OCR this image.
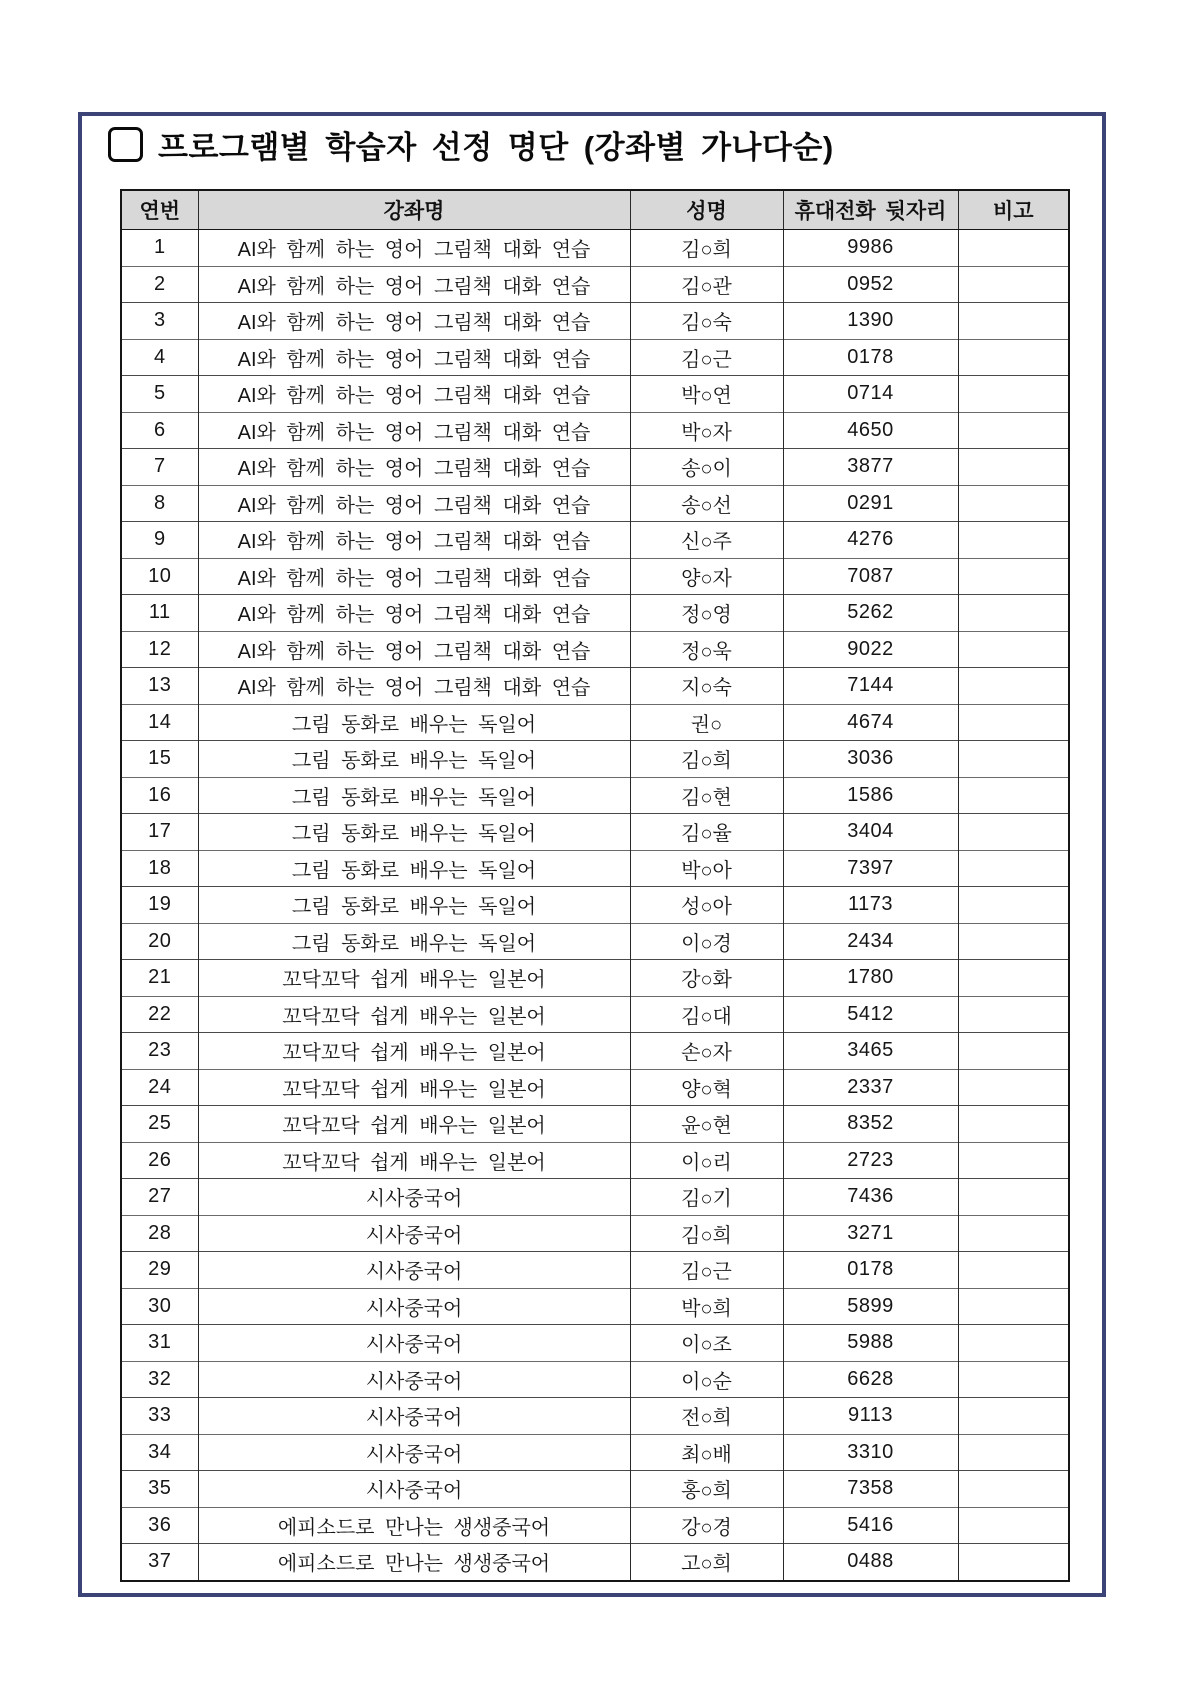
프로그램별 학습자 선정 명단 (강좌별 가나다순)
연번	강좌명	성명	휴대전화 뒷자리	비고
1	AI와 함께 하는 영어 그림책 대화 연습	김○희	9986	
2	AI와 함께 하는 영어 그림책 대화 연습	김○관	0952	
3	AI와 함께 하는 영어 그림책 대화 연습	김○숙	1390	
4	AI와 함께 하는 영어 그림책 대화 연습	김○근	0178	
5	AI와 함께 하는 영어 그림책 대화 연습	박○연	0714	
6	AI와 함께 하는 영어 그림책 대화 연습	박○자	4650	
7	AI와 함께 하는 영어 그림책 대화 연습	송○이	3877	
8	AI와 함께 하는 영어 그림책 대화 연습	송○선	0291	
9	AI와 함께 하는 영어 그림책 대화 연습	신○주	4276	
10	AI와 함께 하는 영어 그림책 대화 연습	양○자	7087	
11	AI와 함께 하는 영어 그림책 대화 연습	정○영	5262	
12	AI와 함께 하는 영어 그림책 대화 연습	정○욱	9022	
13	AI와 함께 하는 영어 그림책 대화 연습	지○숙	7144	
14	그림 동화로 배우는 독일어	권○	4674	
15	그림 동화로 배우는 독일어	김○희	3036	
16	그림 동화로 배우는 독일어	김○현	1586	
17	그림 동화로 배우는 독일어	김○율	3404	
18	그림 동화로 배우는 독일어	박○아	7397	
19	그림 동화로 배우는 독일어	성○아	1173	
20	그림 동화로 배우는 독일어	이○경	2434	
21	꼬닥꼬닥 쉽게 배우는 일본어	강○화	1780	
22	꼬닥꼬닥 쉽게 배우는 일본어	김○대	5412	
23	꼬닥꼬닥 쉽게 배우는 일본어	손○자	3465	
24	꼬닥꼬닥 쉽게 배우는 일본어	양○혁	2337	
25	꼬닥꼬닥 쉽게 배우는 일본어	윤○현	8352	
26	꼬닥꼬닥 쉽게 배우는 일본어	이○리	2723	
27	시사중국어	김○기	7436	
28	시사중국어	김○희	3271	
29	시사중국어	김○근	0178	
30	시사중국어	박○희	5899	
31	시사중국어	이○조	5988	
32	시사중국어	이○순	6628	
33	시사중국어	전○희	9113	
34	시사중국어	최○배	3310	
35	시사중국어	홍○희	7358	
36	에피소드로 만나는 생생중국어	강○경	5416	
37	에피소드로 만나는 생생중국어	고○희	0488	
